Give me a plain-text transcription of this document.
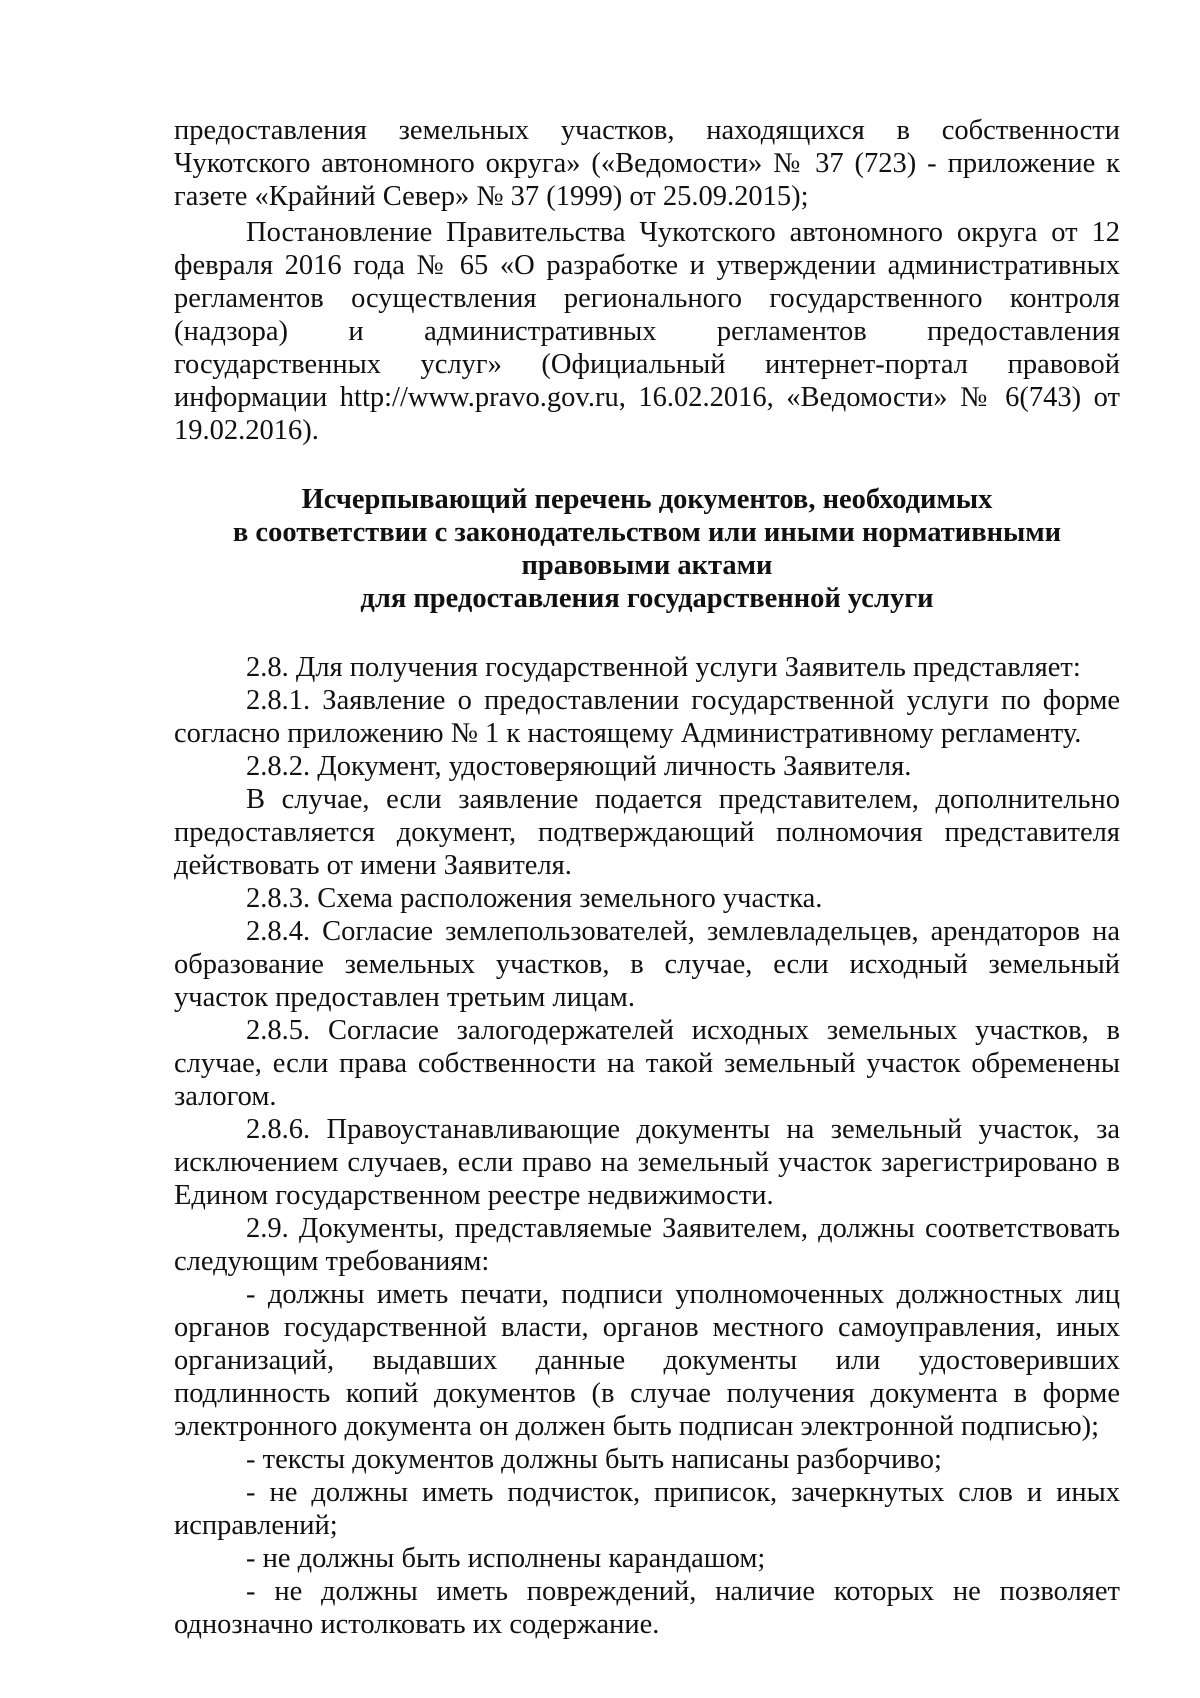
предоставления земельных участков, находящихся в собственности Чукотского автономного округа» («Ведомости» № 37 (723) - приложение к газете «Крайний Север» № 37 (1999) от 25.09.2015);

Постановление Правительства Чукотского автономного округа от 12 февраля 2016 года № 65 «О разработке и утверждении административных регламентов осуществления регионального государственного контроля (надзора) и административных регламентов предоставления государственных услуг» (Официальный интернет-портал правовой информации http://www.pravo.gov.ru, 16.02.2016, «Ведомости» № 6(743) от 19.02.2016).

Исчерпывающий перечень документов, необходимых
в соответствии с законодательством или иными нормативными
правовыми актами
для предоставления государственной услуги

2.8. Для получения государственной услуги Заявитель представляет:

2.8.1. Заявление о предоставлении государственной услуги по форме согласно приложению № 1 к настоящему Административному регламенту.

2.8.2. Документ, удостоверяющий личность Заявителя.

В случае, если заявление подается представителем, дополнительно предоставляется документ, подтверждающий полномочия представителя действовать от имени Заявителя.

2.8.3. Схема расположения земельного участка.

2.8.4. Согласие землепользователей, землевладельцев, арендаторов на образование земельных участков, в случае, если исходный земельный участок предоставлен третьим лицам.

2.8.5. Согласие залогодержателей исходных земельных участков, в случае, если права собственности на такой земельный участок обременены залогом.

2.8.6. Правоустанавливающие документы на земельный участок, за исключением случаев, если право на земельный участок зарегистрировано в Едином государственном реестре недвижимости.

2.9. Документы, представляемые Заявителем, должны соответствовать следующим требованиям:

- должны иметь печати, подписи уполномоченных должностных лиц органов государственной власти, органов местного самоуправления, иных организаций, выдавших данные документы или удостоверивших подлинность копий документов (в случае получения документа в форме электронного документа он должен быть подписан электронной подписью);

- тексты документов должны быть написаны разборчиво;

- не должны иметь подчисток, приписок, зачеркнутых слов и иных исправлений;

- не должны быть исполнены карандашом;

- не должны иметь повреждений, наличие которых не позволяет однозначно истолковать их содержание.
